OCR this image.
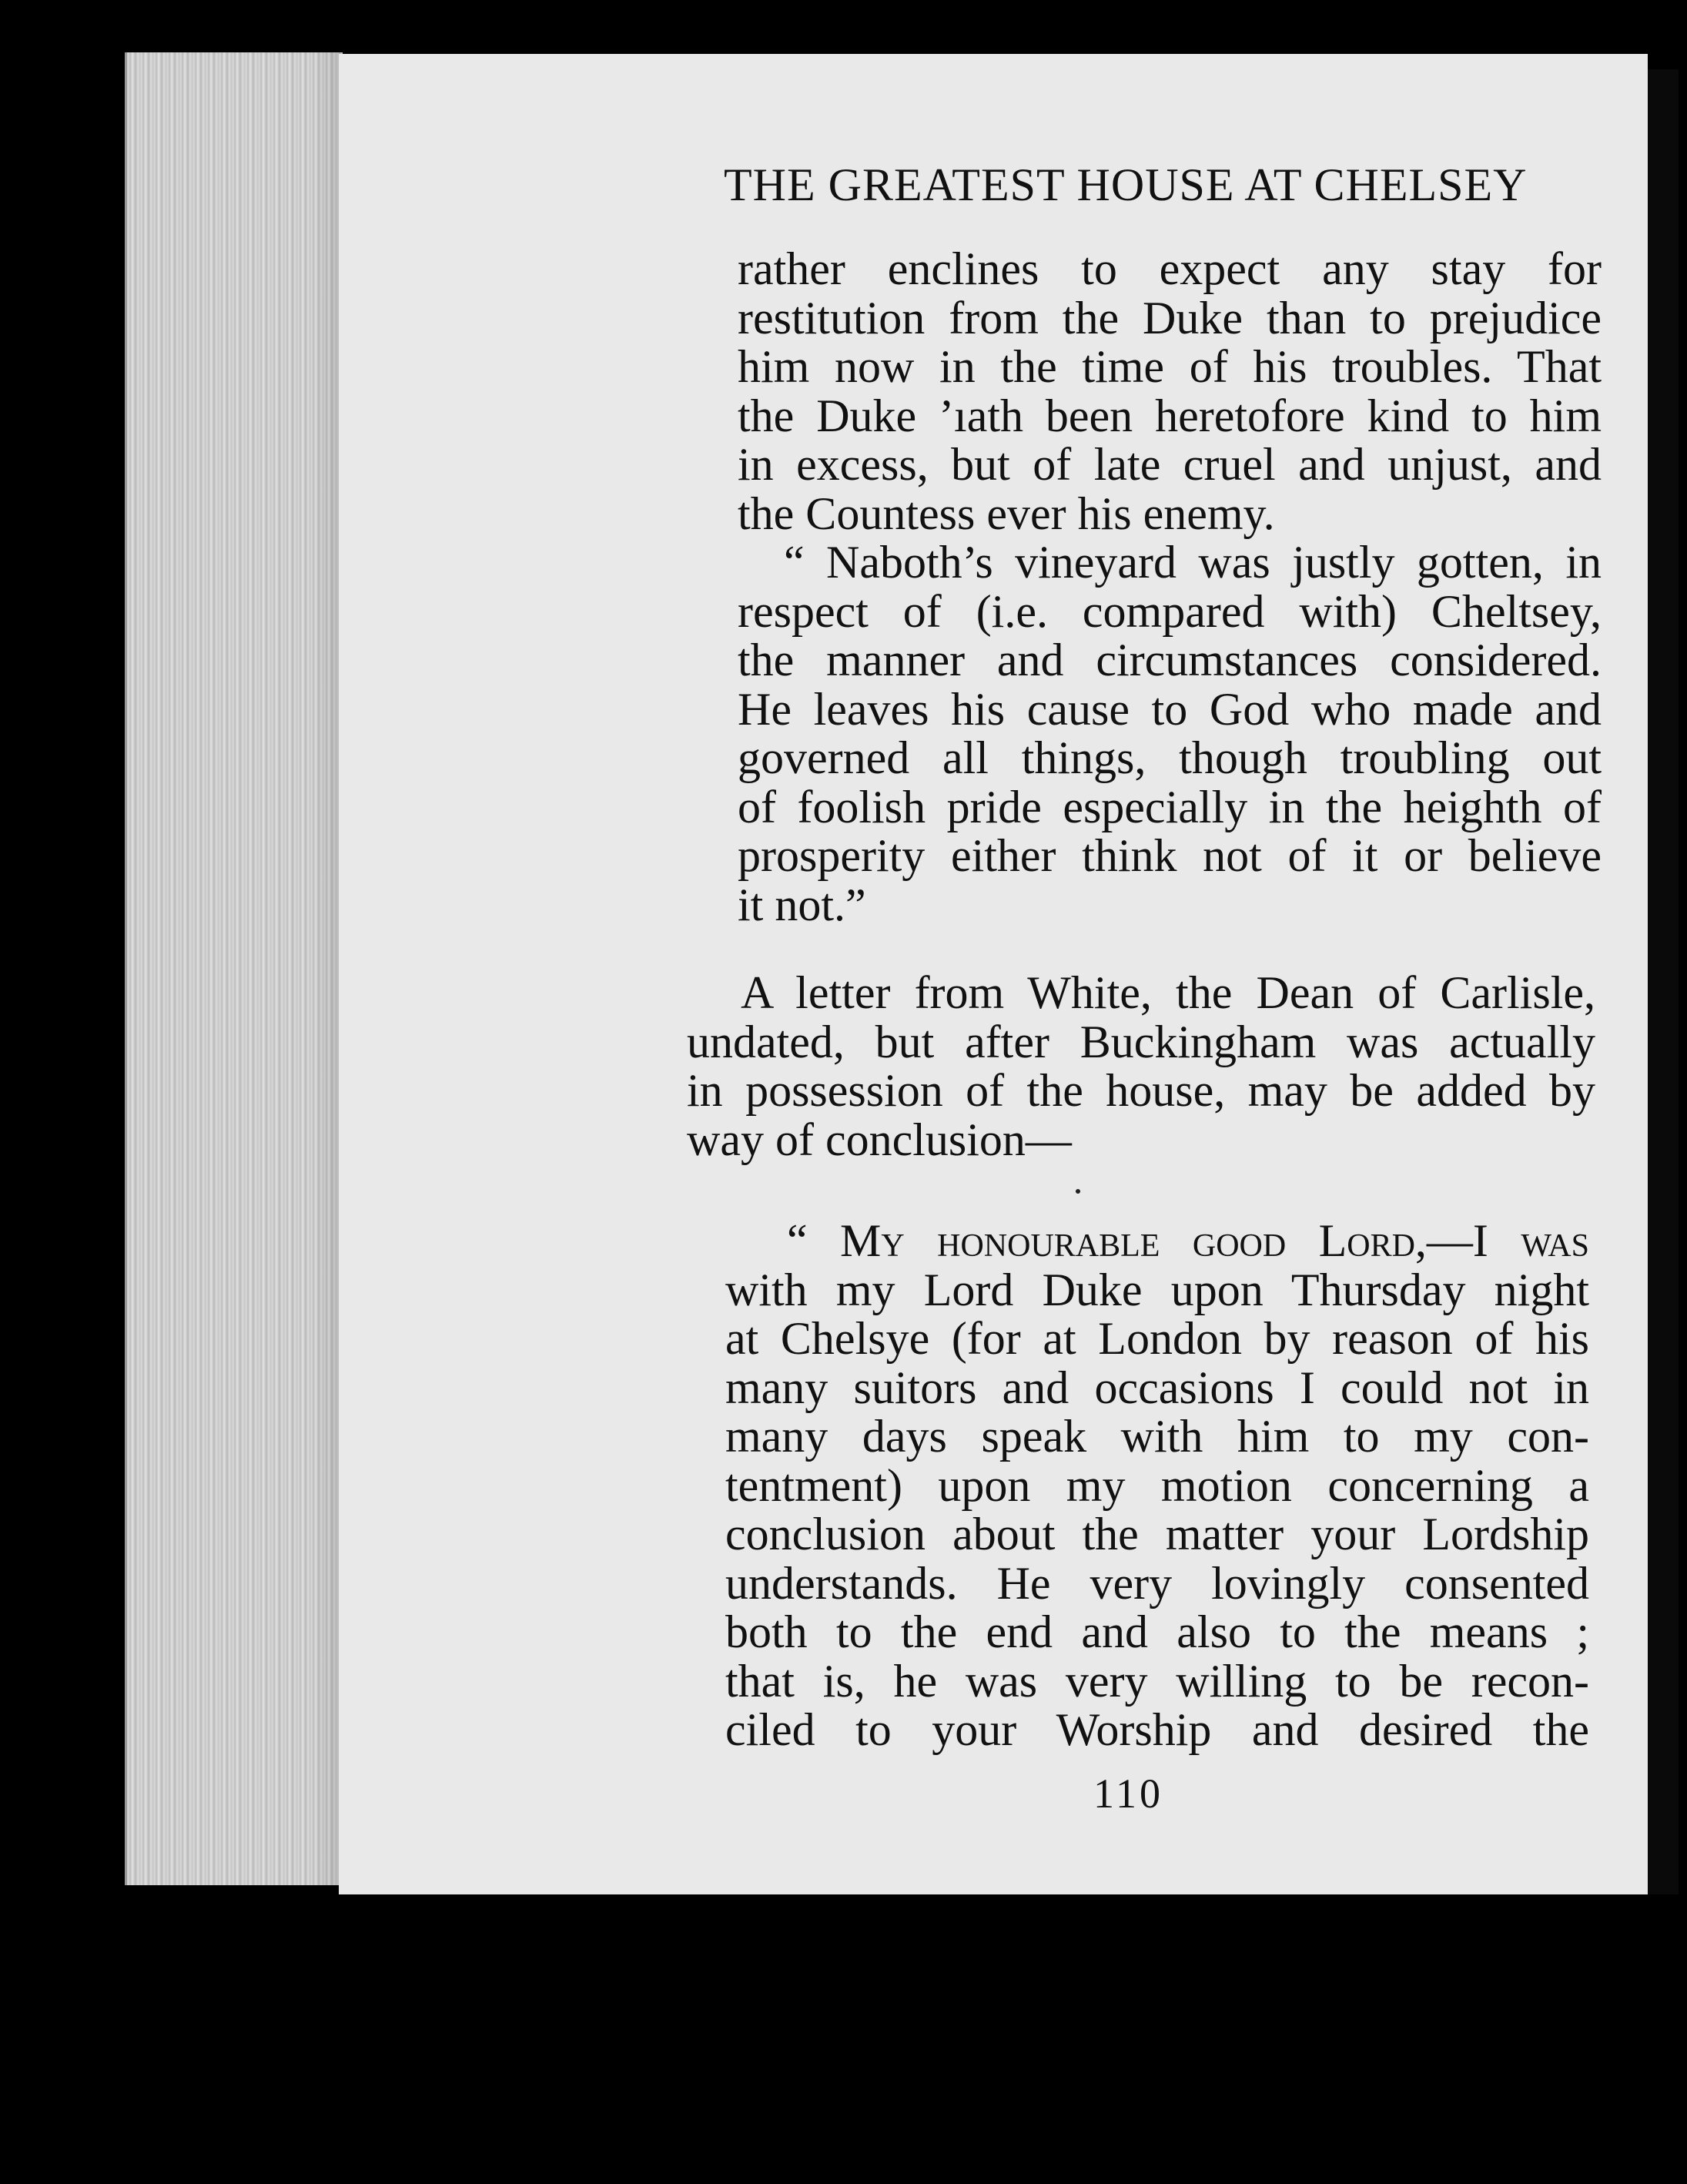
THE GREATEST HOUSE AT CHELSEY
rather enclines to expect any stay for
restitution from the Duke than to prejudice
him now in the time of his troubles. That
the Duke ’ıath been heretofore kind to him
in excess, but of late cruel and unjust, and
the Countess ever his enemy.
“ Naboth’s vineyard was justly gotten, in
respect of (i.e. compared with) Cheltsey,
the manner and circumstances considered.
He leaves his cause to God who made and
governed all things, though troubling out
of foolish pride especially in the heighth of
prosperity either think not of it or believe
it not.”
A letter from White, the Dean of Carlisle,
undated, but after Buckingham was actually
in possession of the house, may be added by
way of conclusion—
“ My honourable good Lord,—I was
with my Lord Duke upon Thursday night
at Chelsye (for at London by reason of his
many suitors and occasions I could not in
many days speak with him to my con-
tentment) upon my motion concerning a
conclusion about the matter your Lordship
understands. He very lovingly consented
both to the end and also to the means ;
that is, he was very willing to be recon-
ciled to your Worship and desired the
110
